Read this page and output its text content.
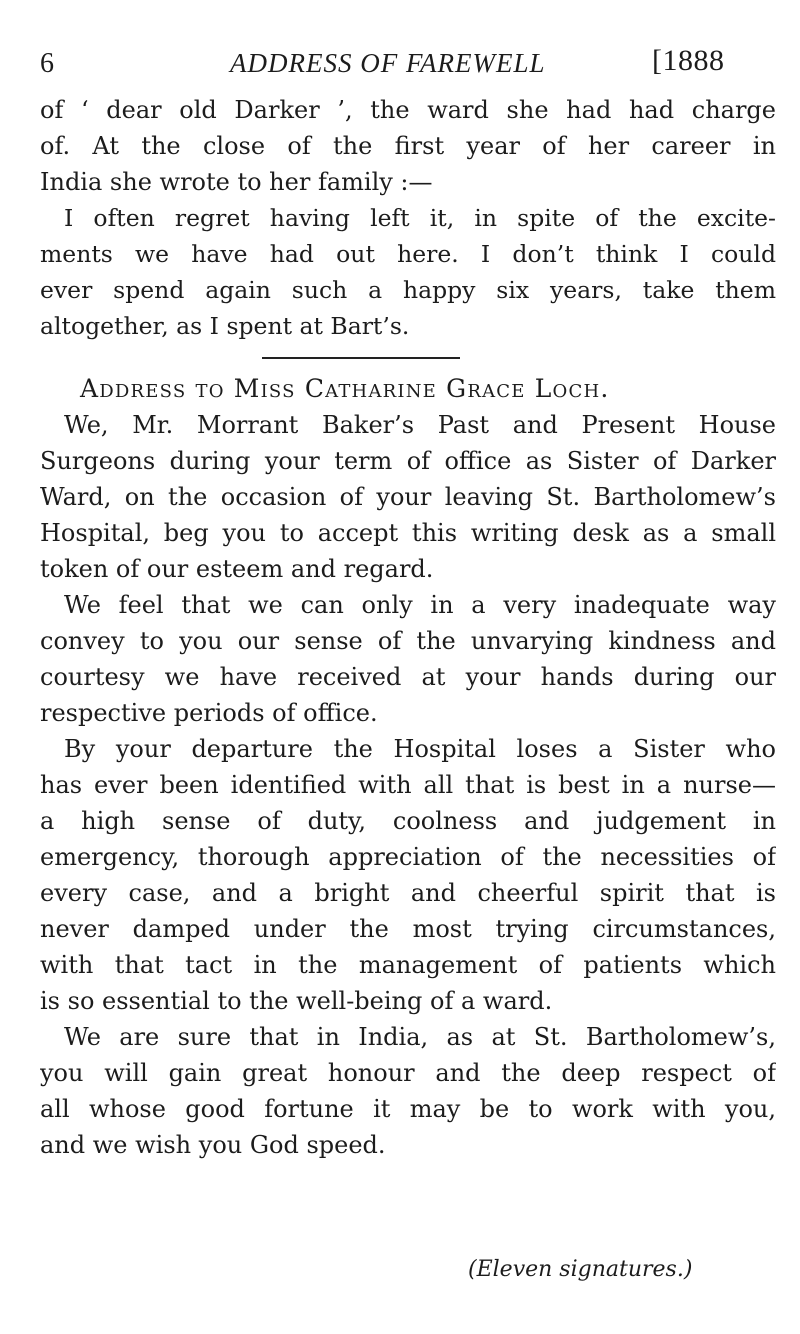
6	ADDRESS OF FAREWELL	[1888

of ‘ dear old Darker ’, the ward she had had charge
of. At the close of the first year of her career in
India she wrote to her family :—

I often regret having left it, in spite of the excite-
ments we have had out here. I don’t think I could
ever spend again such a happy six years, take them
altogether, as I spent at Bart’s.

Address to Miss Catharine Grace Loch.

We, Mr. Morrant Baker’s Past and Present House
Surgeons during your term of office as Sister of Darker
Ward, on the occasion of your leaving St. Bartholomew’s
Hospital, beg you to accept this writing desk as a small
token of our esteem and regard.
We feel that we can only in a very inadequate way
convey to you our sense of the unvarying kindness and
courtesy we have received at your hands during our
respective periods of office.
By your departure the Hospital loses a Sister who
has ever been identified with all that is best in a nurse—
a high sense of duty, coolness and judgement in
emergency, thorough appreciation of the necessities of
every case, and a bright and cheerful spirit that is
never damped under the most trying circumstances,
with that tact in the management of patients which
is so essential to the well-being of a ward.
We are sure that in India, as at St. Bartholomew’s,
you will gain great honour and the deep respect of
all whose good fortune it may be to work with you,
and we wish you God speed.

(Eleven signatures.)
